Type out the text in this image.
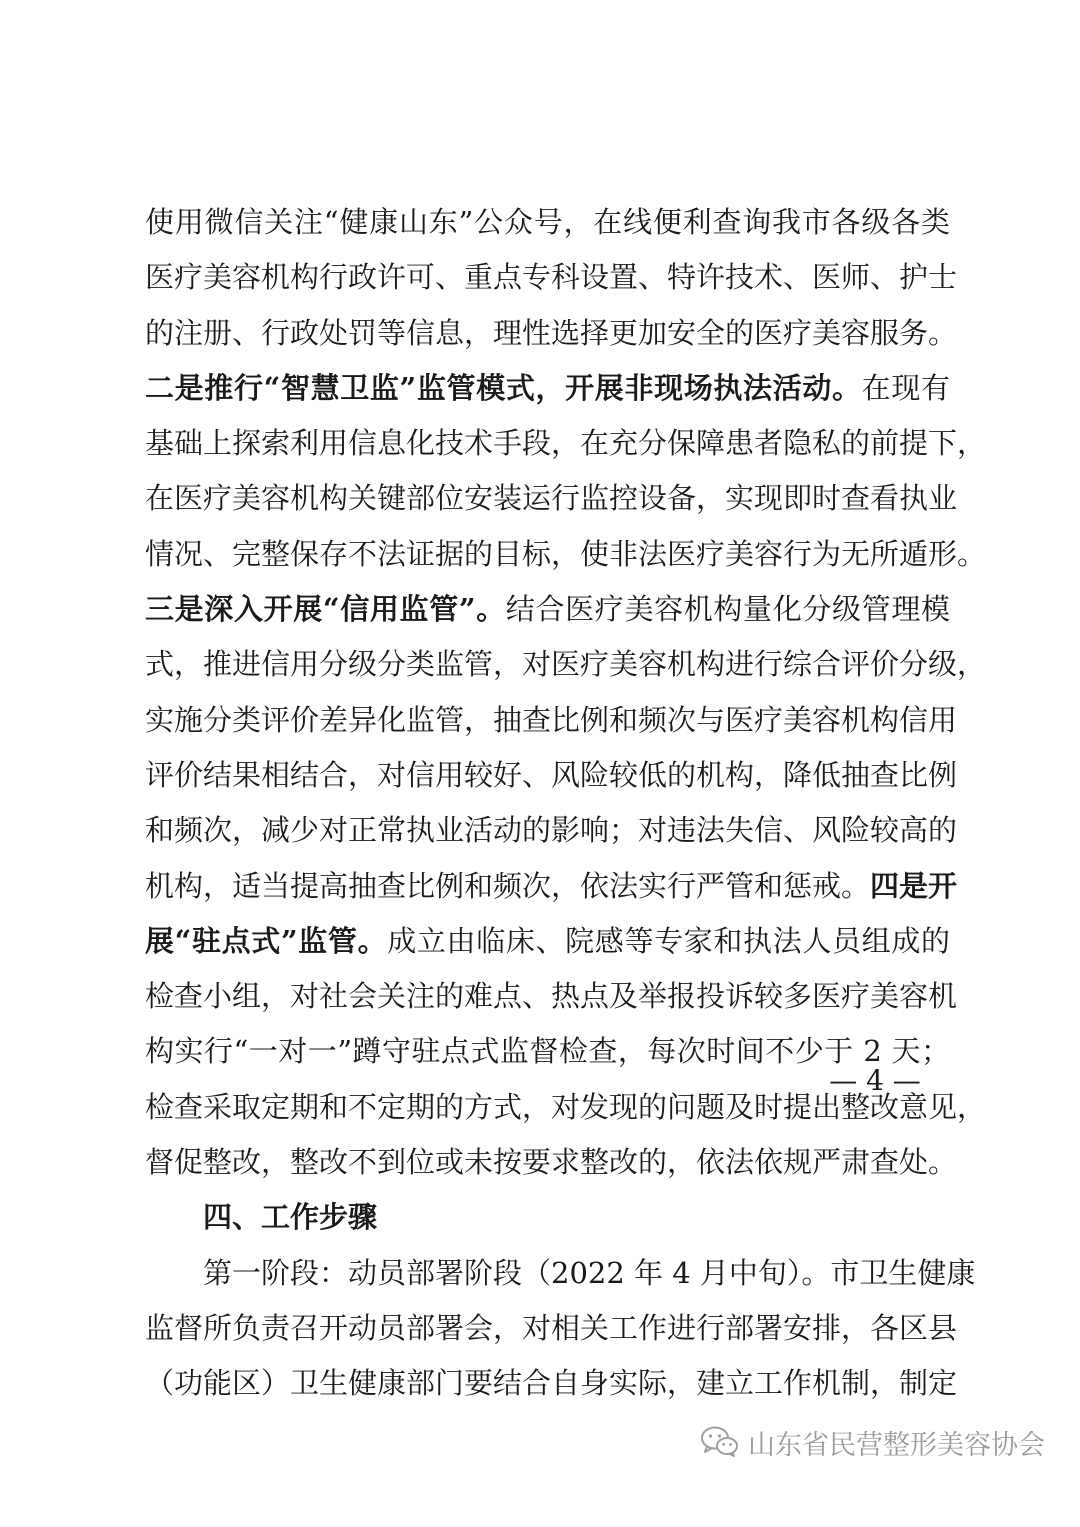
使用微信关注“健康山东”公众号，在线便利查询我市各级各类
医疗美容机构行政许可、重点专科设置、特许技术、医师、护士
的注册、行政处罚等信息，理性选择更加安全的医疗美容服务。
二是推行“智慧卫监”监管模式，开展非现场执法活动。在现有
基础上探索利用信息化技术手段，在充分保障患者隐私的前提下，
在医疗美容机构关键部位安装运行监控设备，实现即时查看执业
情况、完整保存不法证据的目标，使非法医疗美容行为无所遁形。
三是深入开展“信用监管”。结合医疗美容机构量化分级管理模
式，推进信用分级分类监管，对医疗美容机构进行综合评价分级，
实施分类评价差异化监管，抽查比例和频次与医疗美容机构信用
评价结果相结合，对信用较好、风险较低的机构，降低抽查比例
和频次，减少对正常执业活动的影响；对违法失信、风险较高的
机构，适当提高抽查比例和频次，依法实行严管和惩戒。四是开
展“驻点式”监管。成立由临床、院感等专家和执法人员组成的
检查小组，对社会关注的难点、热点及举报投诉较多医疗美容机
构实行“一对一”蹲守驻点式监督检查，每次时间不少于 2 天；
检查采取定期和不定期的方式，对发现的问题及时提出整改意见，
督促整改，整改不到位或未按要求整改的，依法依规严肃查处。
四、工作步骤
第一阶段：动员部署阶段（2022 年 4 月中旬）。市卫生健康
监督所负责召开动员部署会，对相关工作进行部署安排，各区县
（功能区）卫生健康部门要结合自身实际，建立工作机制，制定
— 4 —
山东省民营整形美容协会
